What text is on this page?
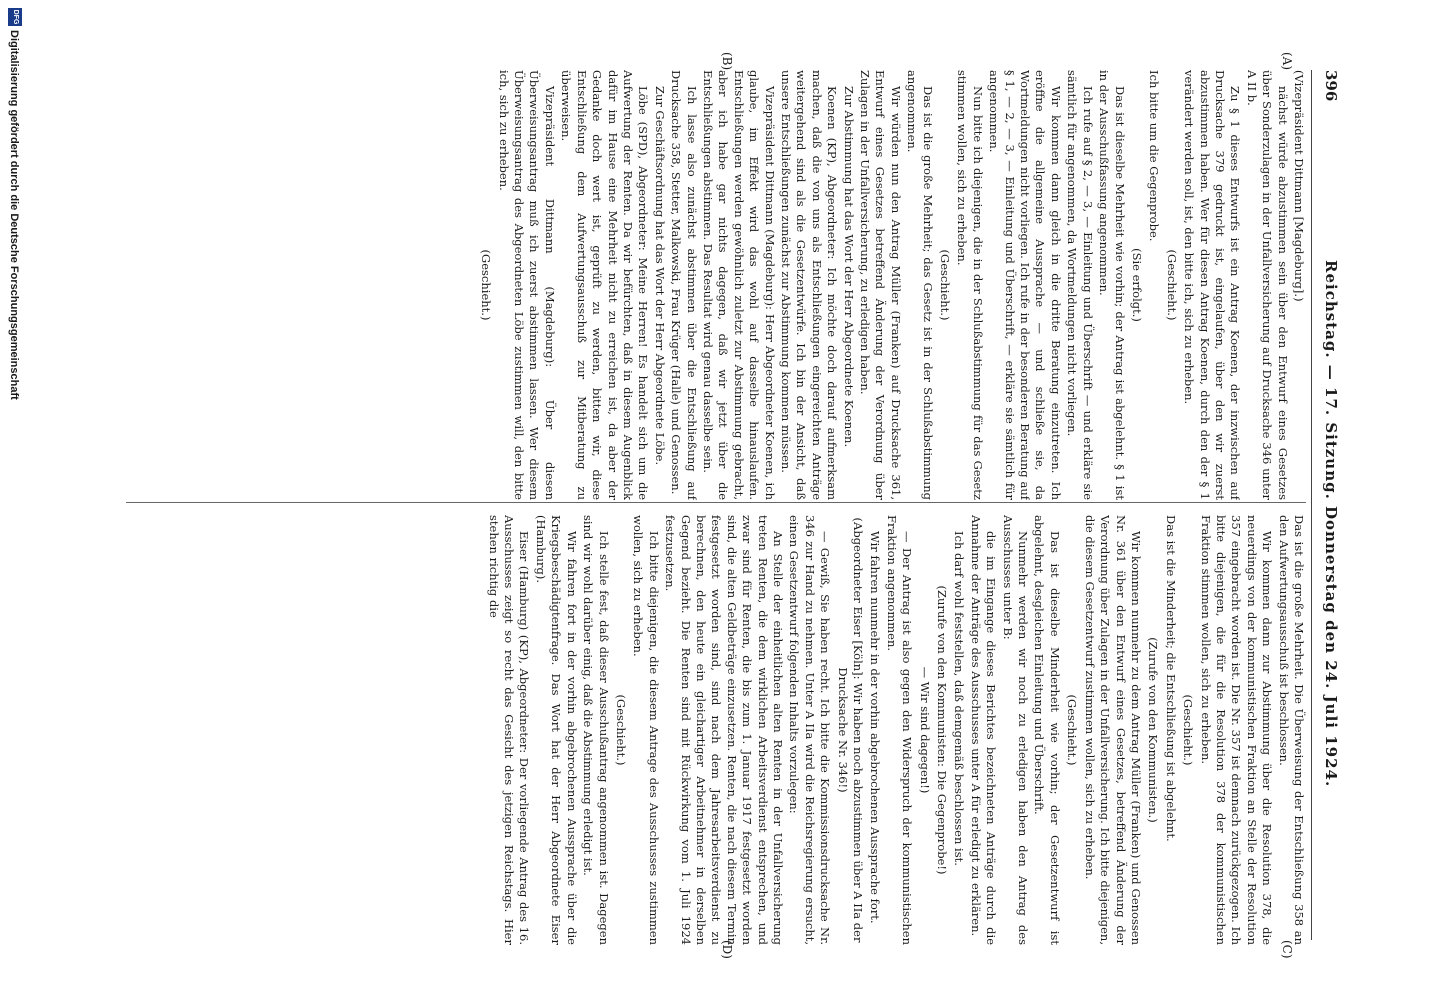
396
Reichstag. — 17. Sitzung. Donnerstag den 24. Juli 1924.
(A)
(B)
(C)
(D)

(Vizepräsident Dittmann [Magdeburg].)

nächst würde abzustimmen sein über den Entwurf eines Gesetzes über Sonderzulagen in der Unfallversicherung auf Drucksache 346 unter A II b.

Zu § 1 dieses Entwurfs ist ein Antrag Koenen, der inzwischen auf Drucksache 379 gedruckt ist, eingelaufen, über den wir zuerst abzustimmen haben. Wer für diesen Antrag Koenen, durch den der § 1 verändert werden soll, ist, den bitte ich, sich zu erheben.

(Geschieht.)

Ich bitte um die Gegenprobe.

(Sie erfolgt.)

Das ist dieselbe Mehrheit wie vorhin; der Antrag ist abgelehnt. § 1 ist in der Ausschußfassung angenommen.

Ich rufe auf § 2, — 3, — Einleitung und Überschrift — und erkläre sie sämtlich für angenommen, da Wortmeldungen nicht vorliegen.

Wir kommen dann gleich in die dritte Beratung einzutreten. Ich eröffne die allgemeine Aussprache — und schließe sie, da Wortmeldungen nicht vorliegen. Ich rufe in der besonderen Beratung auf § 1, — 2, — 3, — Einleitung und Überschrift, — erkläre sie sämtlich für angenommen.

Nun bitte ich diejenigen, die in der Schlußabstimmung für das Gesetz stimmen wollen, sich zu erheben.

(Geschieht.)

Das ist die große Mehrheit; das Gesetz ist in der Schlußabstimmung angenommen.

Wir würden nun den Antrag Müller (Franken) auf Drucksache 361, Entwurf eines Gesetzes betreffend Änderung der Verordnung über Zulagen in der Unfallversicherung, zu erledigen haben.

Zur Abstimmung hat das Wort der Herr Abgeordnete Koenen.

Koenen (KP), Abgeordneter: Ich möchte doch darauf aufmerksam machen, daß die von uns als Entschließungen eingereichten Anträge weitergehend sind als die Gesetzentwürfe. Ich bin der Ansicht, daß unsere Entschließungen zunächst zur Abstimmung kommen müssen.

Vizepräsident Dittmann (Magdeburg): Herr Abgeordneter Koenen, ich glaube, im Effekt wird das wohl auf dasselbe hinauslaufen. Entschließungen werden gewöhnlich zuletzt zur Abstimmung gebracht, aber ich habe gar nichts dagegen, daß wir jetzt über die Entschließungen abstimmen. Das Resultat wird genau dasselbe sein.

Ich lasse also zunächst abstimmen über die Entschließung auf Drucksache 358, Stetter, Malkowski, Frau Krüger (Halle) und Genossen.

Zur Geschäftsordnung hat das Wort der Herr Abgeordnete Löbe.

Löbe (SPD), Abgeordneter: Meine Herren! Es handelt sich um die Aufwertung der Renten. Da wir befürchten, daß in diesem Augenblick dafür im Hause eine Mehrheit nicht zu erreichen ist, da aber der Gedanke doch wert ist, geprüft zu werden, bitten wir, diese Entschließung dem Aufwertungsausschuß zur Mitberatung zu überweisen.

Vizepräsident Dittmann (Magdeburg): Über diesen Überweisungsantrag muß ich zuerst abstimmen lassen. Wer diesem Überweisungsantrag des Abgeordneten Löbe zustimmen will, den bitte ich, sich zu erheben.

(Geschieht.)

Das ist die große Mehrheit. Die Überweisung der Entschließung 358 an den Aufwertungsausschuß ist beschlossen.

Wir kommen dann zur Abstimmung über die Resolution 378, die neuerdings von der kommunistischen Fraktion an Stelle der Resolution 357 eingebracht worden ist. Die Nr. 357 ist demnach zurückgezogen. Ich bitte diejenigen, die für die Resolution 378 der kommunistischen Fraktion stimmen wollen, sich zu erheben.

(Geschieht.)

Das ist die Minderheit; die Entschließung ist abgelehnt.

(Zurufe von den Kommunisten.)

Wir kommen nunmehr zu dem Antrag Müller (Franken) und Genossen Nr. 361 über den Entwurf eines Gesetzes, betreffend Änderung der Verordnung über Zulagen in der Unfallversicherung. Ich bitte diejenigen, die diesem Gesetzentwurf zustimmen wollen, sich zu erheben.

(Geschieht.)

Das ist dieselbe Minderheit wie vorhin; der Gesetzentwurf ist abgelehnt, desgleichen Einleitung und Überschrift.

Nunmehr werden wir noch zu erledigen haben den Antrag des Ausschusses unter B:

die im Eingange dieses Berichtes bezeichneten Anträge durch die Annahme der Anträge des Ausschusses unter A für erledigt zu erklären.

Ich darf wohl feststellen, daß demgemäß beschlossen ist.

(Zurufe von den Kommunisten: Die Gegenprobe!)

— Wir sind dagegen!)

— Der Antrag ist also gegen den Widerspruch der kommunistischen Fraktion angenommen.

Wir fahren nunmehr in der vorhin abgebrochenen Aussprache fort.

(Abgeordneter Eiser [Köln]: Wir haben noch abzustimmen über A IIa der Drucksache Nr. 346!)

— Gewiß, Sie haben recht. Ich bitte die Kommissionsdrucksache Nr. 346 zur Hand zu nehmen. Unter A IIa wird die Reichsregierung ersucht, einen Gesetzentwurf folgenden Inhalts vorzulegen:

An Stelle der einheitlichen alten Renten in der Unfallversicherung treten Renten, die dem wirklichen Arbeitsverdienst entsprechen, und zwar sind für Renten, die bis zum 1. Januar 1917 festgesetzt worden sind, die alten Geldbeträge einzusetzen. Renten, die nach diesem Termin festgesetzt worden sind, sind nach dem Jahresarbeitsverdienst zu berechnen, den heute ein gleichartiger Arbeitnehmer in derselben Gegend bezieht. Die Renten sind mit Rückwirkung vom 1. Juli 1924 festzusetzen.

Ich bitte diejenigen, die diesem Antrage des Ausschusses zustimmen wollen, sich zu erheben.

(Geschieht.)

Ich stelle fest, daß dieser Ausschußantrag angenommen ist. Dagegen sind wir wohl darüber einig, daß die Abstimmung erledigt ist.

Wir fahren fort in der vorhin abgebrochenen Aussprache über die Kriegsbeschädigtenfrage. Das Wort hat der Herr Abgeordnete Eiser (Hamburg).

Eiser (Hamburg) (KP), Abgeordneter: Der vorliegende Antrag des 16. Ausschusses zeigt so recht das Gesicht des jetzigen Reichstags. Hier stehen richtig die

DFG
Digitalisierung gefördert durch die Deutsche Forschungsgemeinschaft
